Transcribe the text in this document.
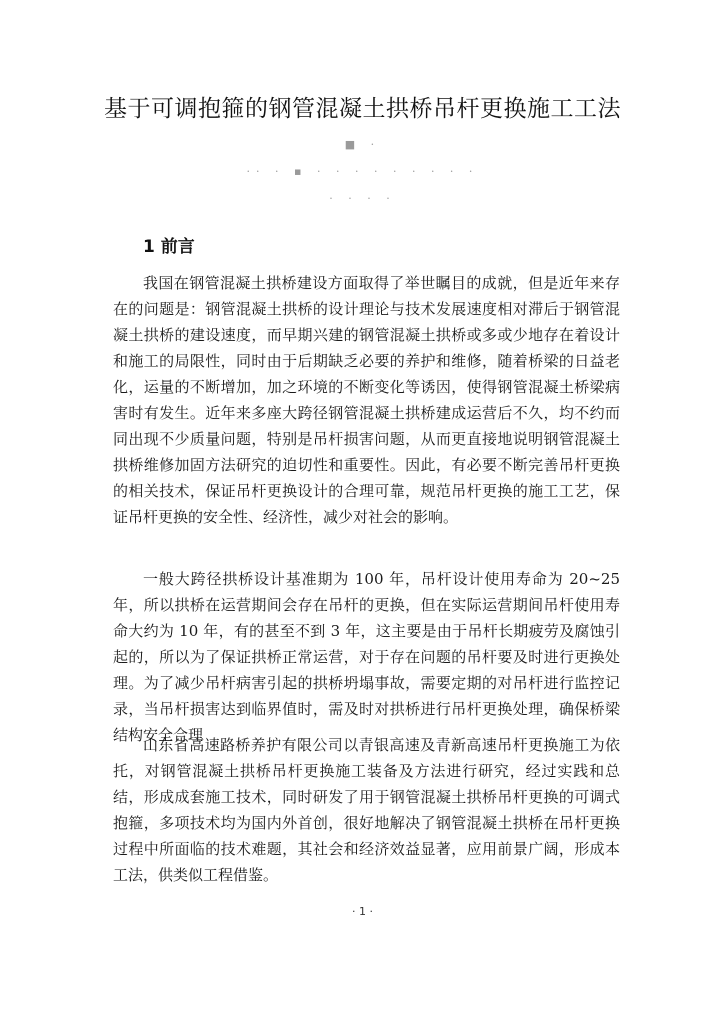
基于可调抱箍的钢管混凝土拱桥吊杆更换施工工法
■ ·
·· · ▪ · · · · · · · · ·
· · · ·
1 前言

我国在钢管混凝土拱桥建设方面取得了举世瞩目的成就，但是近年来存在的问题是：钢管混凝土拱桥的设计理论与技术发展速度相对滞后于钢管混凝土拱桥的建设速度，而早期兴建的钢管混凝土拱桥或多或少地存在着设计和施工的局限性，同时由于后期缺乏必要的养护和维修，随着桥梁的日益老化，运量的不断增加，加之环境的不断变化等诱因，使得钢管混凝土桥梁病害时有发生。近年来多座大跨径钢管混凝土拱桥建成运营后不久，均不约而同出现不少质量问题，特别是吊杆损害问题，从而更直接地说明钢管混凝土拱桥维修加固方法研究的迫切性和重要性。因此，有必要不断完善吊杆更换的相关技术，保证吊杆更换设计的合理可靠，规范吊杆更换的施工工艺，保证吊杆更换的安全性、经济性，减少对社会的影响。

一般大跨径拱桥设计基准期为 100 年，吊杆设计使用寿命为 20~25 年，所以拱桥在运营期间会存在吊杆的更换，但在实际运营期间吊杆使用寿命大约为 10 年，有的甚至不到 3 年，这主要是由于吊杆长期疲劳及腐蚀引起的，所以为了保证拱桥正常运营，对于存在问题的吊杆要及时进行更换处理。为了减少吊杆病害引起的拱桥坍塌事故，需要定期的对吊杆进行监控记录，当吊杆损害达到临界值时，需及时对拱桥进行吊杆更换处理，确保桥梁结构安全合理

山东省高速路桥养护有限公司以青银高速及青新高速吊杆更换施工为依托，对钢管混凝土拱桥吊杆更换施工装备及方法进行研究，经过实践和总结，形成成套施工技术，同时研发了用于钢管混凝土拱桥吊杆更换的可调式抱箍，多项技术均为国内外首创，很好地解决了钢管混凝土拱桥在吊杆更换过程中所面临的技术难题，其社会和经济效益显著，应用前景广阔，形成本工法，供类似工程借鉴。

· 1 ·
